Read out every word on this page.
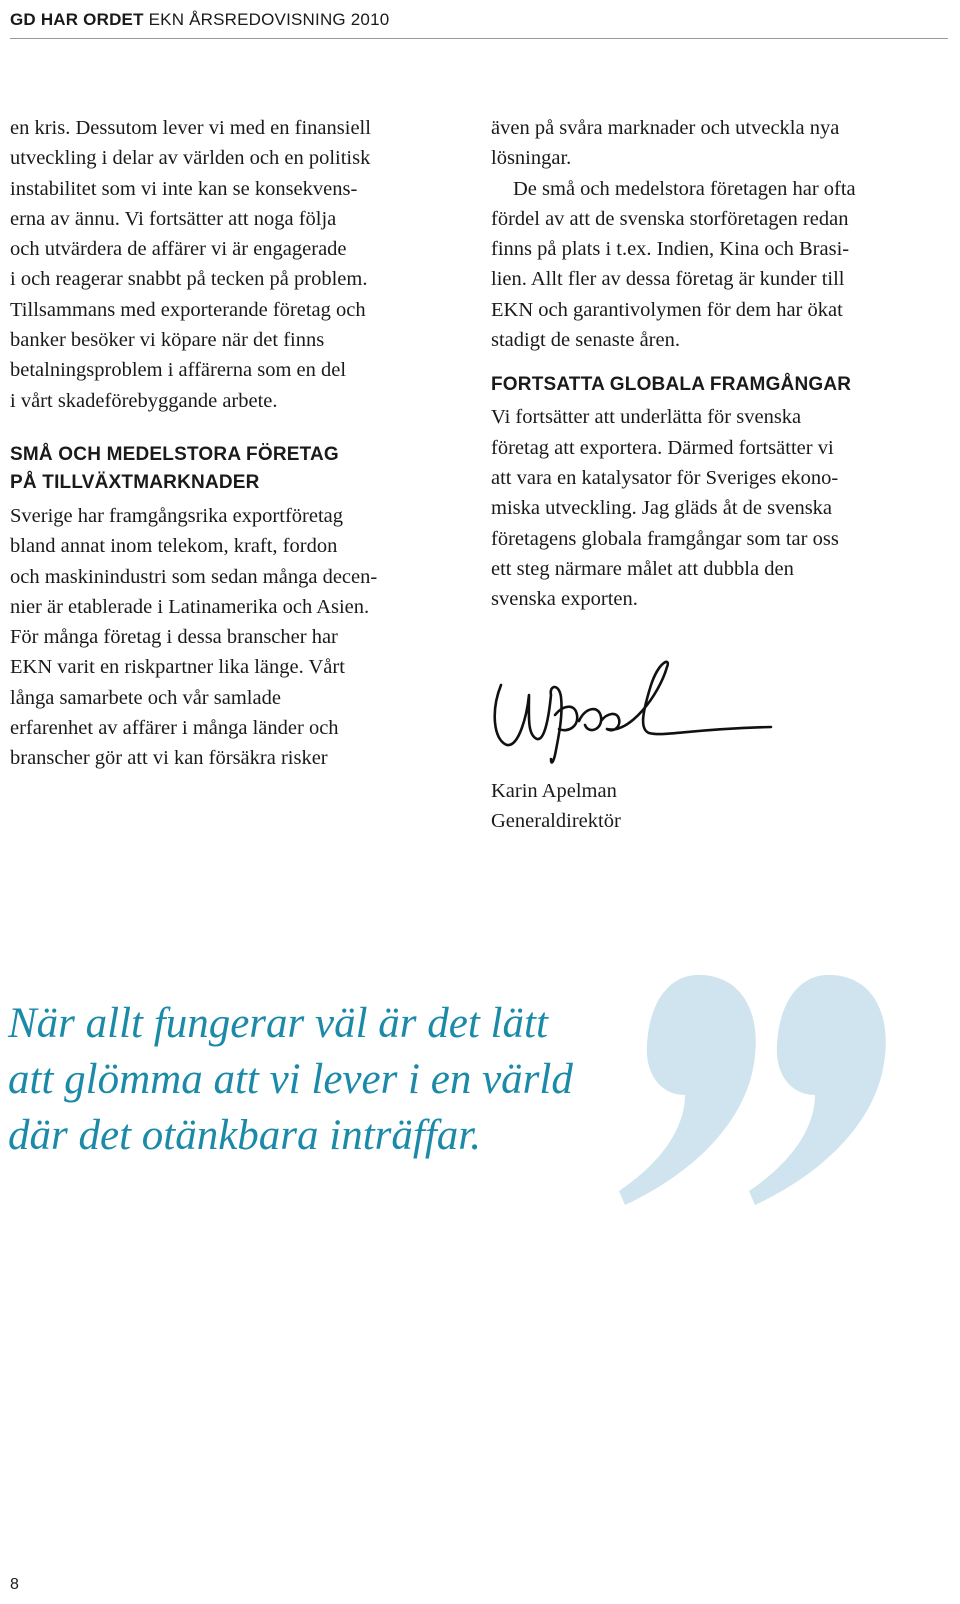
GD HAR ORDET EKN ÅRSREDOVISNING 2010
en kris. Dessutom lever vi med en finansiell
utveckling i delar av världen och en politisk
instabilitet som vi inte kan se konsekvens-
erna av ännu. Vi fortsätter att noga följa
och utvärdera de affärer vi är engagerade
i och reagerar snabbt på tecken på problem.
Tillsammans med exporterande företag och
banker besöker vi köpare när det finns
betalningsproblem i affärerna som en del
i vårt skadeförebyggande arbete.
SMÅ OCH MEDELSTORA FÖRETAG
PÅ TILLVÄXTMARKNADER
Sverige har framgångsrika exportföretag
bland annat inom telekom, kraft, fordon
och maskinindustri som sedan många decen-
nier är etablerade i Latinamerika och Asien.
För många företag i dessa branscher har
EKN varit en riskpartner lika länge. Vårt
långa samarbete och vår samlade
erfarenhet av affärer i många länder och
branscher gör att vi kan försäkra risker
även på svåra marknader och utveckla nya
lösningar.
De små och medelstora företagen har ofta
fördel av att de svenska storföretagen redan
finns på plats i t.ex. Indien, Kina och Brasi-
lien. Allt fler av dessa företag är kunder till
EKN och garantivolymen för dem har ökat
stadigt de senaste åren.
FORTSATTA GLOBALA FRAMGÅNGAR
Vi fortsätter att underlätta för svenska
företag att exportera. Därmed fortsätter vi
att vara en katalysator för Sveriges ekono-
miska utveckling. Jag gläds åt de svenska
företagens globala framgångar som tar oss
ett steg närmare målet att dubbla den
svenska exporten.
Karin Apelman
Generaldirektör
När allt fungerar väl är det lätt
att glömma att vi lever i en värld
där det otänkbara inträffar.
8
